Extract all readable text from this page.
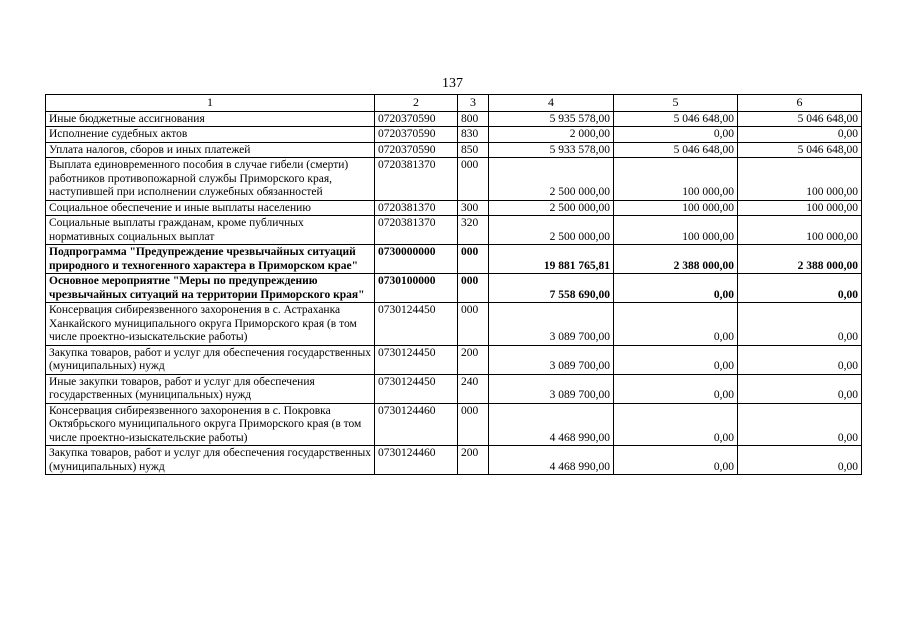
137
1	2	3	4	5	6
Иные бюджетные ассигнования	0720370590	800	5 935 578,00	5 046 648,00	5 046 648,00
Исполнение судебных актов	0720370590	830	2 000,00	0,00	0,00
Уплата налогов, сборов и иных платежей	0720370590	850	5 933 578,00	5 046 648,00	5 046 648,00
Выплата единовременного пособия в случае гибели (смерти) работников противопожарной службы Приморского края, наступившей при исполнении служебных обязанностей	0720381370	000	2 500 000,00	100 000,00	100 000,00
Социальное обеспечение и иные выплаты населению	0720381370	300	2 500 000,00	100 000,00	100 000,00
Социальные выплаты гражданам, кроме публичных нормативных социальных выплат	0720381370	320	2 500 000,00	100 000,00	100 000,00
Подпрограмма "Предупреждение чрезвычайных ситуаций природного и техногенного характера в Приморском крае"	0730000000	000	19 881 765,81	2 388 000,00	2 388 000,00
Основное мероприятие "Меры по предупреждению чрезвычайных ситуаций на территории Приморского края"	0730100000	000	7 558 690,00	0,00	0,00
Консервация сибиреязвенного захоронения в с. Астраханка Ханкайского муниципального округа Приморского края (в том числе проектно-изыскательские работы)	0730124450	000	3 089 700,00	0,00	0,00
Закупка товаров, работ и услуг для обеспечения государственных (муниципальных) нужд	0730124450	200	3 089 700,00	0,00	0,00
Иные закупки товаров, работ и услуг для обеспечения государственных (муниципальных) нужд	0730124450	240	3 089 700,00	0,00	0,00
Консервация сибиреязвенного захоронения в с. Покровка Октябрьского муниципального округа Приморского края (в том числе проектно-изыскательские работы)	0730124460	000	4 468 990,00	0,00	0,00
Закупка товаров, работ и услуг для обеспечения государственных (муниципальных) нужд	0730124460	200	4 468 990,00	0,00	0,00
